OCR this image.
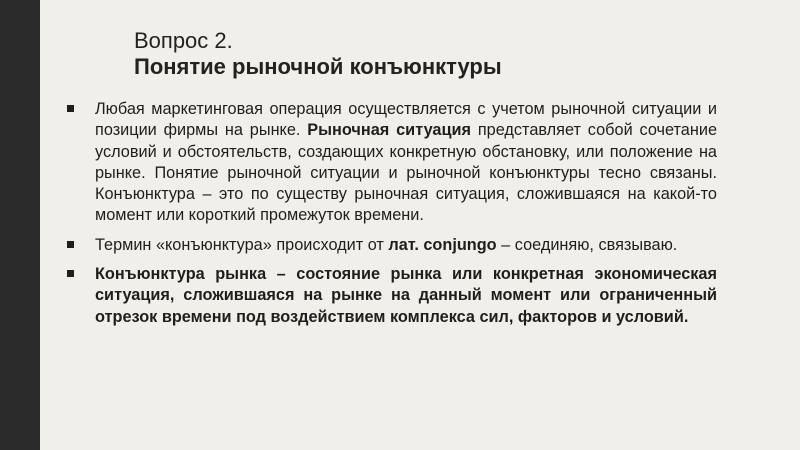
Вопрос 2.
Понятие рыночной конъюнктуры
Любая маркетинговая операция осуществляется с учетом рыночной ситуации и позиции фирмы на рынке. Рыночная ситуация представляет собой сочетание условий и обстоятельств, создающих конкретную обстановку, или положение на рынке. Понятие рыночной ситуации и рыночной конъюнктуры тесно связаны. Конъюнктура – это по существу рыночная ситуация, сложившаяся на какой-то момент или короткий промежуток времени.
Термин «конъюнктура» происходит от лат. conjungo – соединяю, связываю.
Конъюнктура рынка – состояние рынка или конкретная экономическая ситуация, сложившаяся на рынке на данный момент или ограниченный отрезок времени под воздействием комплекса сил, факторов и условий.
